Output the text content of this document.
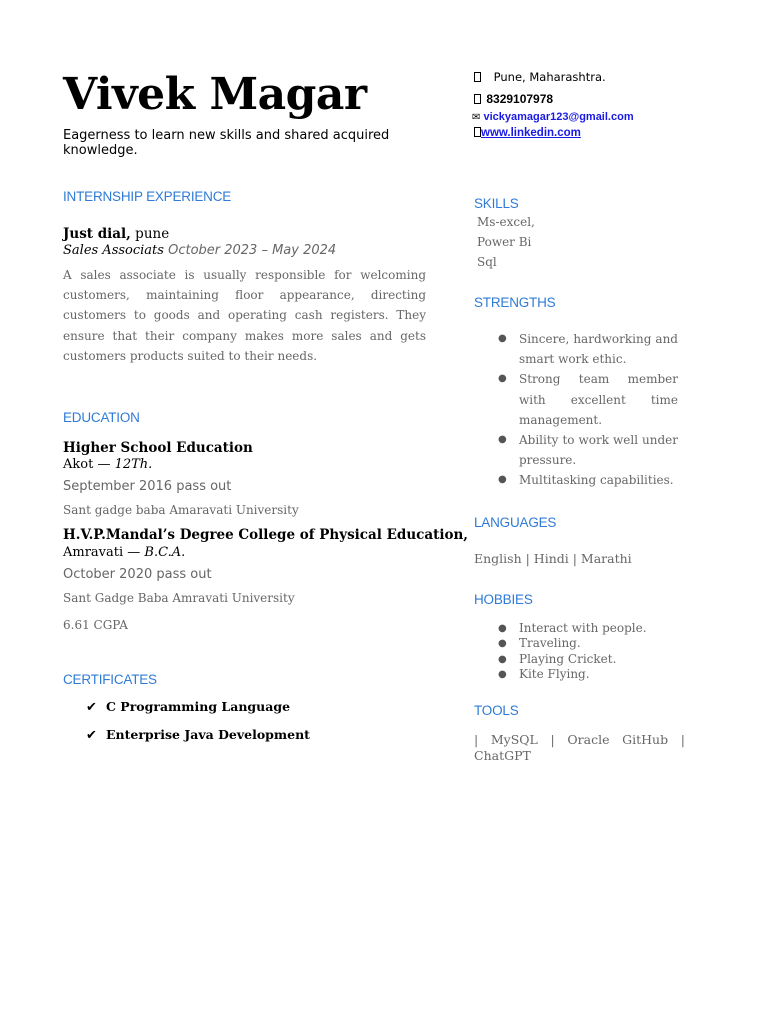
Vivek Magar
Eagerness to learn new skills and shared acquired knowledge.
INTERNSHIP EXPERIENCE
Just dial, pune
Sales Associats October 2023 – May 2024

A sales associate is usually responsible for welcoming customers, maintaining floor appearance, directing customers to goods and operating cash registers. They ensure that their company makes more sales and gets customers products suited to their needs.

EDUCATION
Higher School Education
Akot — 12Th.
September 2016 pass out
Sant gadge baba Amaravati University
H.V.P.Mandal’s Degree College of Physical Education,
Amravati — B.C.A.
October 2020 pass out
Sant Gadge Baba Amravati University
6.61 CGPA
CERTIFICATES
✔ C Programming Language
✔ Enterprise Java Development
Pune, Maharashtra.
8329107978
✉ vickyamagar123@gmail.com
www.linkedin.com
SKILLS
Ms-excel,
Power Bi
Sql
STRENGTHS
● Sincere, hardworking and smart work ethic.

● Strong team member with excellent time management.

● Ability to work well under pressure.

● Multitasking capabilities.

LANGUAGES
English | Hindi | Marathi
HOBBIES
● Interact with people.
● Traveling.
● Playing Cricket.
● Kite Flying.
TOOLS

| MySQL | Oracle GitHub | ChatGPT
